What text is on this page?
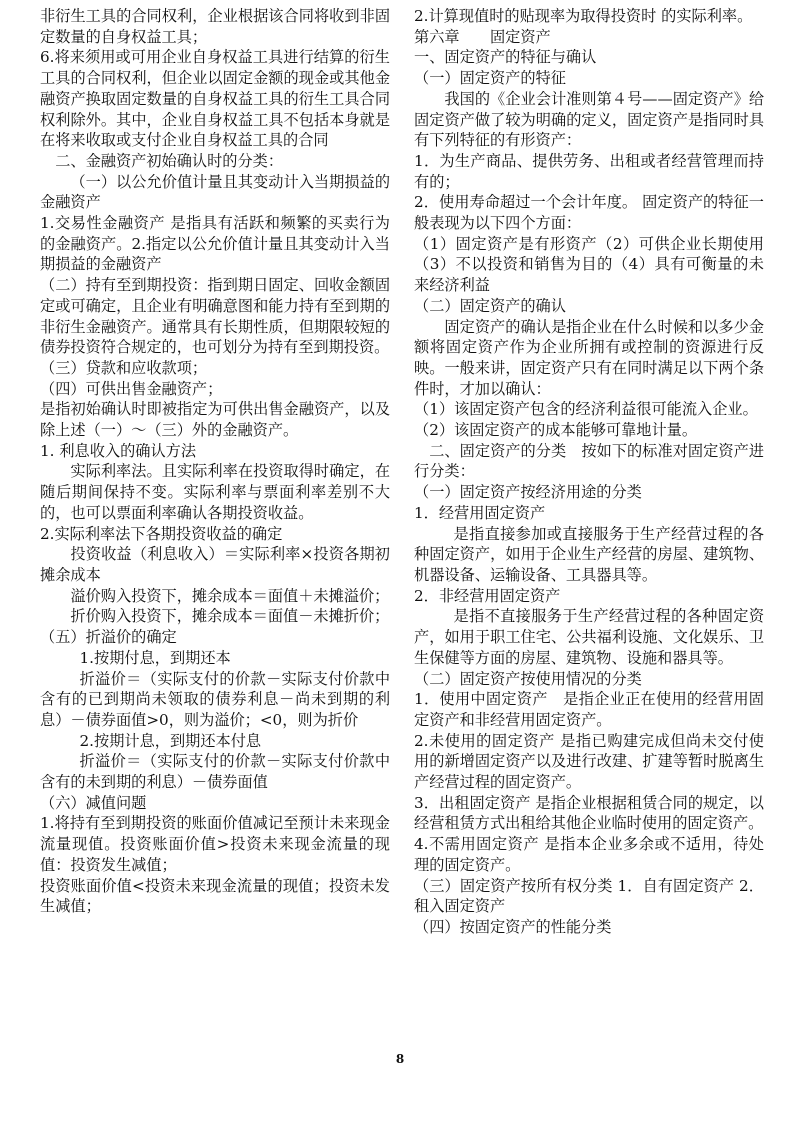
非衍生工具的合同权利，企业根据该合同将收到非固定数量的自身权益工具；

6.将来须用或可用企业自身权益工具进行结算的衍生工具的合同权利，但企业以固定金额的现金或其他金融资产换取固定数量的自身权益工具的衍生工具合同权利除外。其中，企业自身权益工具不包括本身就是在将来收取或支付企业自身权益工具的合同

二、金融资产初始确认时的分类：

（一）以公允价值计量且其变动计入当期损益的金融资产

1.交易性金融资产 是指具有活跃和频繁的买卖行为的金融资产。2.指定以公允价值计量且其变动计入当期损益的金融资产

（二）持有至到期投资：指到期日固定、回收金额固定或可确定，且企业有明确意图和能力持有至到期的非衍生金融资产。通常具有长期性质，但期限较短的债券投资符合规定的，也可划分为持有至到期投资。

（三）贷款和应收款项；

（四）可供出售金融资产；

是指初始确认时即被指定为可供出售金融资产，以及除上述（一）～（三）外的金融资产。

1. 利息收入的确认方法

实际利率法。且实际利率在投资取得时确定，在随后期间保持不变。实际利率与票面利率差别不大的，也可以票面利率确认各期投资收益。

2.实际利率法下各期投资收益的确定

投资收益（利息收入）＝实际利率×投资各期初摊余成本

溢价购入投资下，摊余成本＝面值＋未摊溢价；

折价购入投资下，摊余成本＝面值－未摊折价；

（五）折溢价的确定

1.按期付息，到期还本

折溢价＝（实际支付的价款－实际支付价款中含有的已到期尚未领取的债券利息－尚未到期的利息）－债券面值>0，则为溢价；<0，则为折价

2.按期计息，到期还本付息

折溢价＝（实际支付的价款－实际支付价款中含有的未到期的利息）－债券面值

（六）减值问题

1.将持有至到期投资的账面价值减记至预计未来现金流量现值。投资账面价值>投资未来现金流量的现值：投资发生减值；

投资账面价值<投资未来现金流量的现值；投资未发生减值；

2.计算现值时的贴现率为取得投资时 的实际利率。

第六章　　固定资产

一、固定资产的特征与确认

（一）固定资产的特征

我国的《企业会计准则第４号——固定资产》给固定资产做了较为明确的定义，固定资产是指同时具有下列特征的有形资产：

1．为生产商品、提供劳务、出租或者经营管理而持有的；

2．使用寿命超过一个会计年度。 固定资产的特征一般表现为以下四个方面：

（1）固定资产是有形资产（2）可供企业长期使用（3）不以投资和销售为目的（4）具有可衡量的未来经济利益

（二）固定资产的确认

固定资产的确认是指企业在什么时候和以多少金额将固定资产作为企业所拥有或控制的资源进行反映。一般来讲，固定资产只有在同时满足以下两个条件时，才加以确认：

（1）该固定资产包含的经济利益很可能流入企业。

（2）该固定资产的成本能够可靠地计量。

二、固定资产的分类　按如下的标准对固定资产进行分类：

（一）固定资产按经济用途的分类

1．经营用固定资产

是指直接参加或直接服务于生产经营过程的各种固定资产，如用于企业生产经营的房屋、建筑物、机器设备、运输设备、工具器具等。

2．非经营用固定资产

是指不直接服务于生产经营过程的各种固定资产，如用于职工住宅、公共福利设施、文化娱乐、卫生保健等方面的房屋、建筑物、设施和器具等。

（二）固定资产按使用情况的分类

1．使用中固定资产　是指企业正在使用的经营用固定资产和非经营用固定资产。

2.未使用的固定资产 是指已购建完成但尚未交付使用的新增固定资产以及进行改建、扩建等暂时脱离生产经营过程的固定资产。

3．出租固定资产 是指企业根据租赁合同的规定，以经营租赁方式出租给其他企业临时使用的固定资产。

4.不需用固定资产 是指本企业多余或不适用，待处理的固定资产。

（三）固定资产按所有权分类 1．自有固定资产 2．租入固定资产

（四）按固定资产的性能分类

8
